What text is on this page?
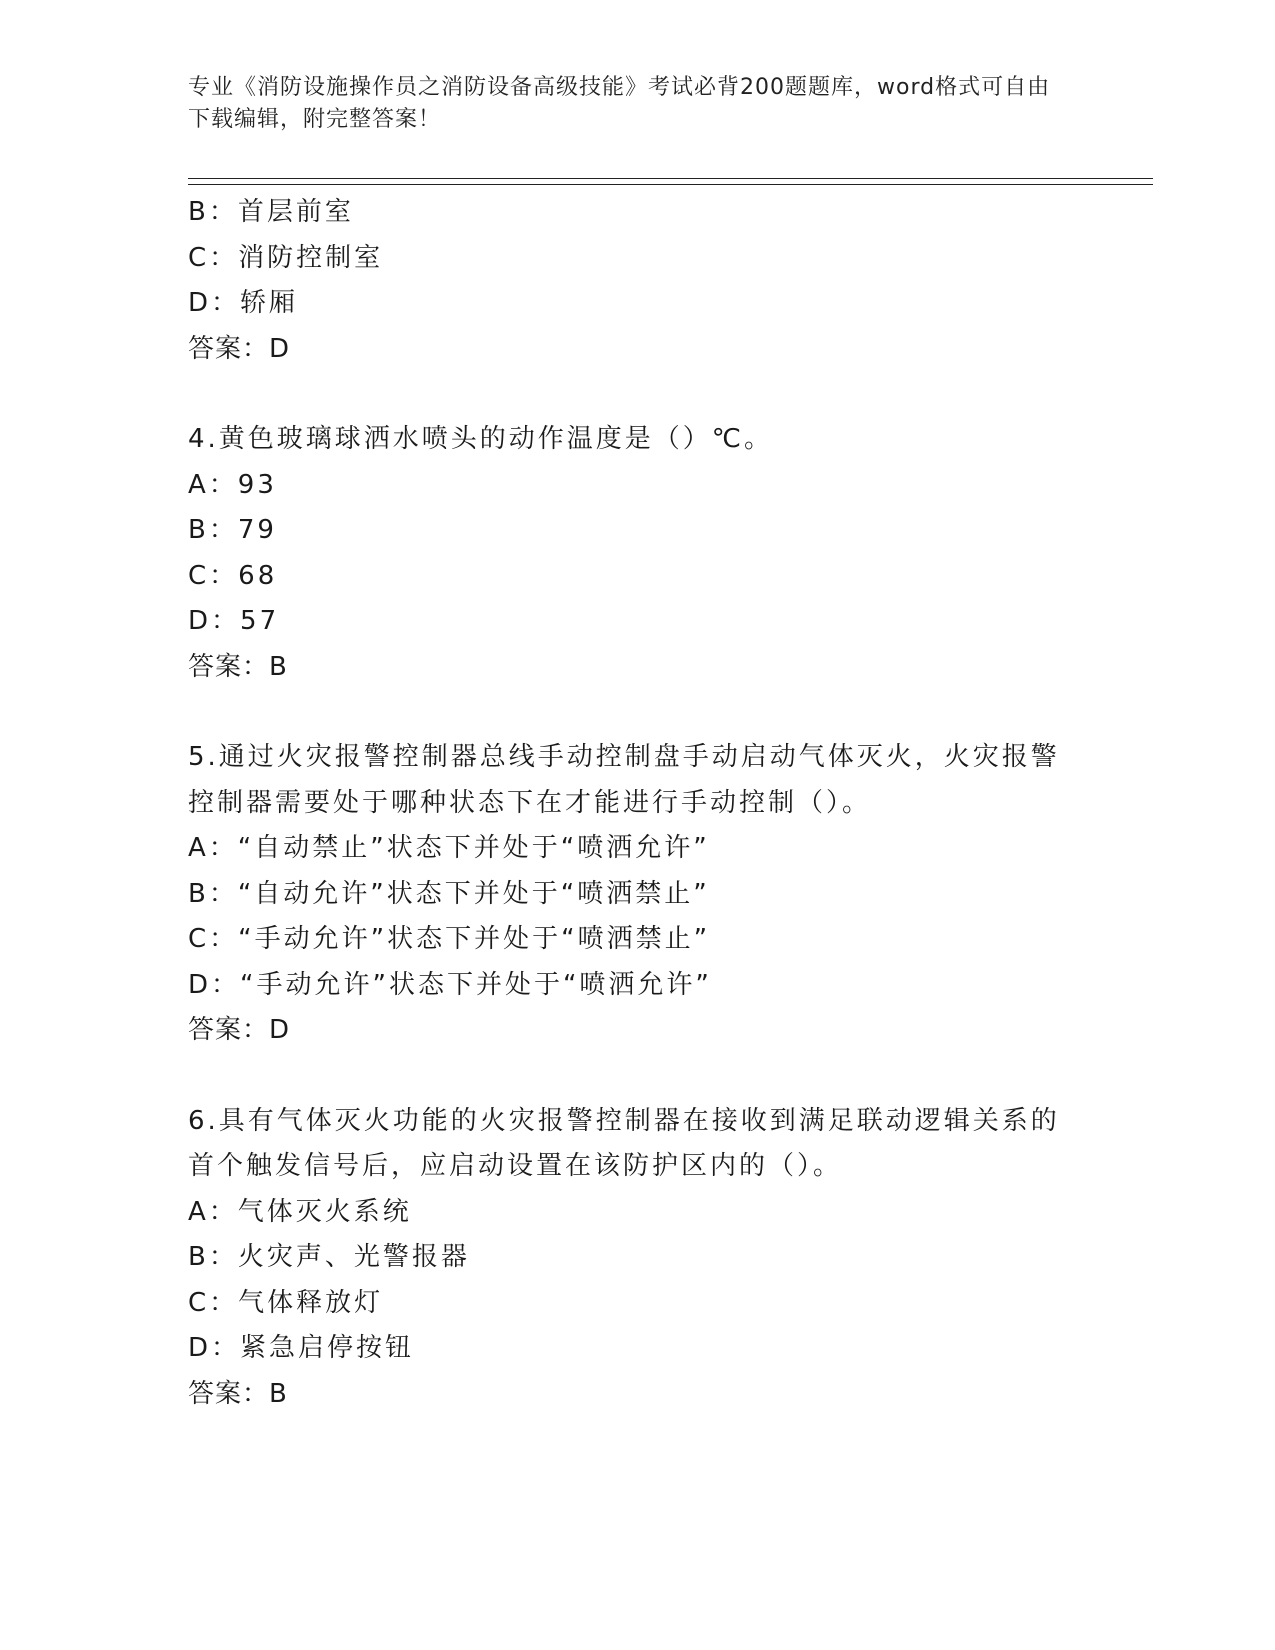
专业《消防设施操作员之消防设备高级技能》考试必背200题题库，word格式可自由下载编辑，附完整答案！
B：首层前室
C：消防控制室
D：轿厢
答案：D
4.黄色玻璃球洒水喷头的动作温度是（）℃。
A：93
B：79
C：68
D：57
答案：B
5.通过火灾报警控制器总线手动控制盘手动启动气体灭火，火灾报警
控制器需要处于哪种状态下在才能进行手动控制（）。
A：“自动禁止”状态下并处于“喷洒允许”
B：“自动允许”状态下并处于“喷洒禁止”
C：“手动允许”状态下并处于“喷洒禁止”
D：“手动允许”状态下并处于“喷洒允许”
答案：D
6.具有气体灭火功能的火灾报警控制器在接收到满足联动逻辑关系的
首个触发信号后，应启动设置在该防护区内的（）。
A：气体灭火系统
B：火灾声、光警报器
C：气体释放灯
D：紧急启停按钮
答案：B
